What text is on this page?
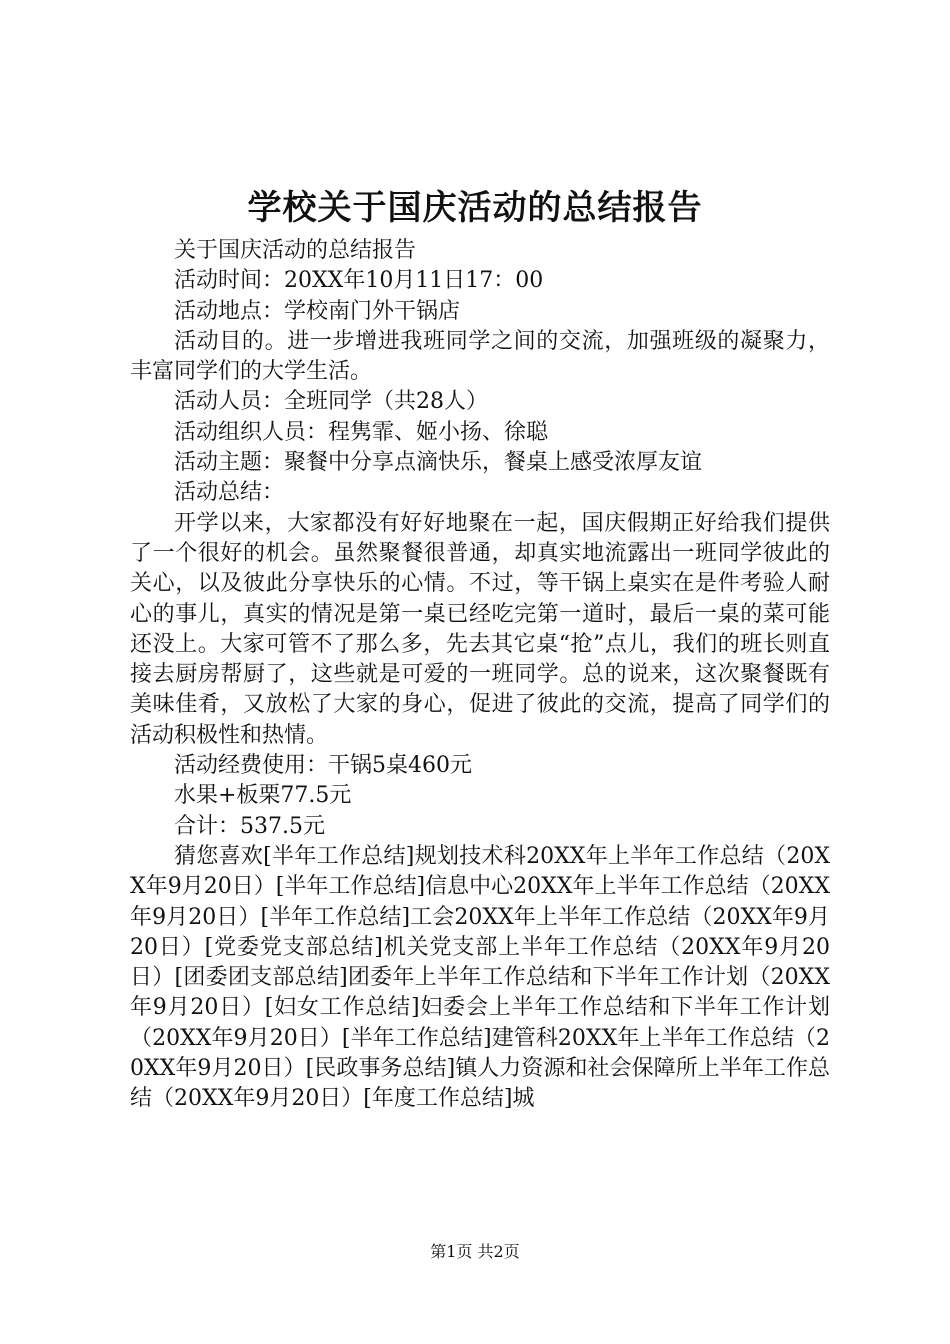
学校关于国庆活动的总结报告

关于国庆活动的总结报告

活动时间：20XX年10月11日17：00

活动地点：学校南门外干锅店

活动目的。进一步增进我班同学之间的交流，加强班级的凝聚力，丰富同学们的大学生活。

活动人员：全班同学（共28人）

活动组织人员：程隽霏、姬小扬、徐聪

活动主题：聚餐中分享点滴快乐，餐桌上感受浓厚友谊

活动总结：

开学以来，大家都没有好好地聚在一起，国庆假期正好给我们提供了一个很好的机会。虽然聚餐很普通，却真实地流露出一班同学彼此的关心，以及彼此分享快乐的心情。不过，等干锅上桌实在是件考验人耐心的事儿，真实的情况是第一桌已经吃完第一道时，最后一桌的菜可能还没上。大家可管不了那么多，先去其它桌“抢”点儿，我们的班长则直接去厨房帮厨了，这些就是可爱的一班同学。总的说来，这次聚餐既有美味佳肴，又放松了大家的身心，促进了彼此的交流，提高了同学们的活动积极性和热情。

活动经费使用：干锅5桌460元

水果+板栗77.5元

合计：537.5元

猜您喜欢[半年工作总结]规划技术科20XX年上半年工作总结（20XX年9月20日）[半年工作总结]信息中心20XX年上半年工作总结（20XX年9月20日）[半年工作总结]工会20XX年上半年工作总结（20XX年9月20日）[党委党支部总结]机关党支部上半年工作总结（20XX年9月20日）[团委团支部总结]团委年上半年工作总结和下半年工作计划（20XX年9月20日）[妇女工作总结]妇委会上半年工作总结和下半年工作计划（20XX年9月20日）[半年工作总结]建管科20XX年上半年工作总结（20XX年9月20日）[民政事务总结]镇人力资源和社会保障所上半年工作总结（20XX年9月20日）[年度工作总结]城

第1页 共2页
